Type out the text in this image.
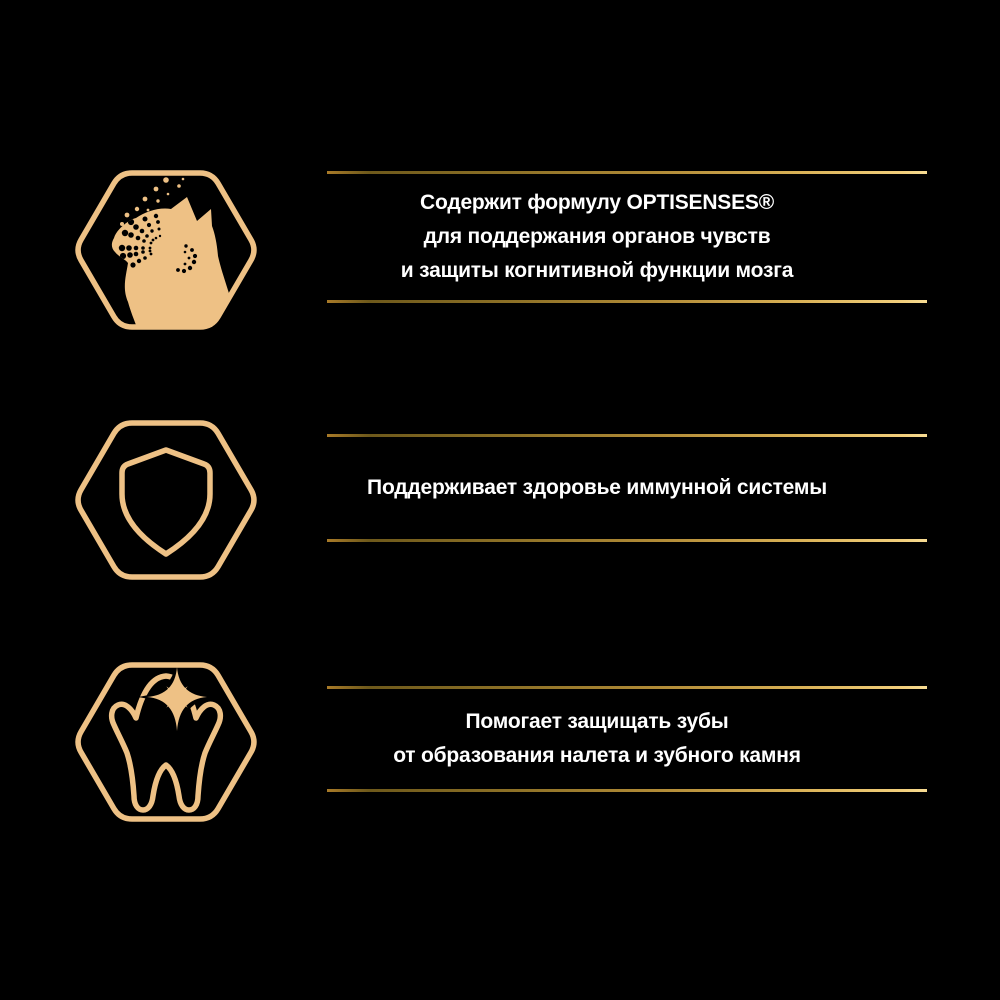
Содержит формулу OPTISENSES®
для поддержания органов чувств
и защиты когнитивной функции мозга
Поддерживает здоровье иммунной системы
Помогает защищать зубы
от образования налета и зубного камня
